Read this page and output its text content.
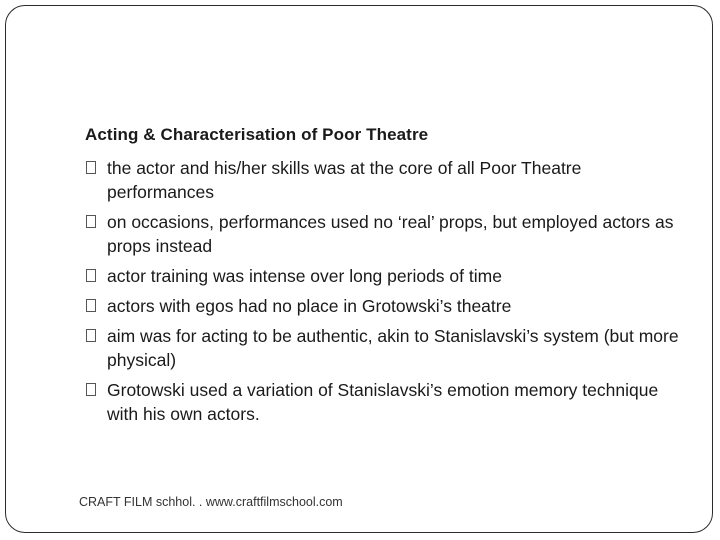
Acting & Characterisation of Poor Theatre
the actor and his/her skills was at the core of all Poor Theatre performances
on occasions, performances used no ‘real’ props, but employed actors as props instead
actor training was intense over long periods of time
actors with egos had no place in Grotowski’s theatre
aim was for acting to be authentic, akin to Stanislavski’s system (but more physical)
Grotowski used a variation of Stanislavski’s emotion memory technique with his own actors.
CRAFT FILM schhol. . www.craftfilmschool.com
